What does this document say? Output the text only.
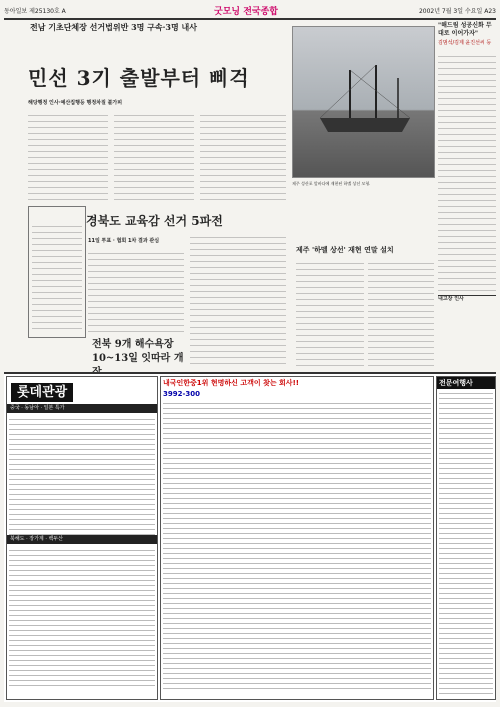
동아일보 제25130호 A	굿모닝 전국종합	2002년 7월 3일 수요일 A23
전남 기초단체장 선거법위반 3명 구속·3명 내사
민선 3기 출발부터 삐걱
해당행정 인사·예산집행등 행정차질 불가피
제주 성산포 앞바다에 재현된 하멜 상선 모형.
경북도 교육감 선거 5파전
11일 투표 · 협회 1차 결과 관심
전북 9개 해수욕장 10~13일 잇따라 개
제주 '하멜 상선' 재현 연말 설치
"해드림 성공신화 무대로 이어가자"
김범석/김제 윤진선씨 등
내고장 인사
롯데관광
중국 · 동남아 · 일본 특가
북해도 · 장가계 · 백두산
내국인한중1위 현명하신 고객이 찾는 회사!!
3992-300
전문여행사
